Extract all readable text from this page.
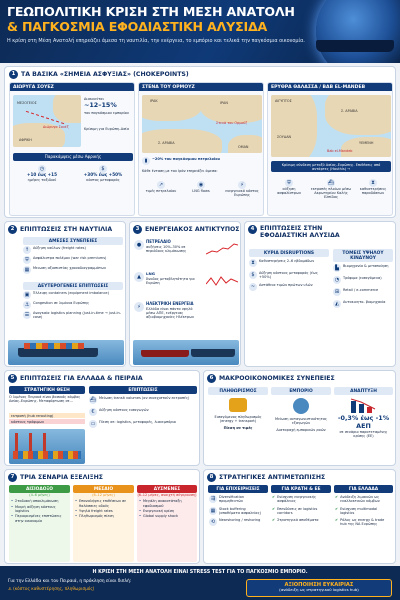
ΓΕΩΠΟΛΙΤΙΚΗ ΚΡΙΣΗ ΣΤΗ ΜΕΣΗ ΑΝΑΤΟΛΗ
& ΠΑΓΚΟΣΜΙΑ ΕΦΟΔΙΑΣΤΙΚΗ ΑΛΥΣΙΔΑ
Η κρίση στη Μέση Ανατολή επηρεάζει άμεσα τη ναυτιλία, την ενέργεια, το εμπόριο και τελικά την παγκόσμια οικονομία.
1 ΤΑ ΒΑΣΙΚΑ «ΣΗΜΕΙΑ ΑΣΦΥΞΙΑΣ» (CHOKEPOINTS)
ΔΙΩΡΥΓΑ ΣΟΥΕΖ
ΜΕΣΟΓΕΙΟΣ
Διώρυγα Σουέζ
ΑΦΡΙΚΗ
Διακινείται
~12–15%
του παγκόσμιου εμπορίου
Κρίσιμη για Ευρώπη–Ασία
Παρακάμψεις μέσω Αφρικής
◷
+10 έως +15
ημέρες ταξιδιού
$
+30% έως +50%
κόστος μεταφοράς
ΣΤΕΝΑ ΤΟΥ ΟΡΜΟΥΖ
ΙΡΑΚ	ΙΡΑΝ
Στενά του Ορμούζ
Σ. ΑΡΑΒΙΑ
ΟΜΑΝ
▮	~20% του παγκόσμιου πετρελαίου
Κάθε ένταση με τον Ιράν επηρεάζει άμεσα:
↗
τιμές πετρελαίου
◉
LNG flows
⚡
ενεργειακό κόστος Ευρώπης
ΕΡΥΘΡΑ ΘΑΛΑΣΣΑ / BAB EL-MANDEB
ΑΙΓΥΠΤΟΣ
Σ. ΑΡΑΒΙΑ
ΣΟΥΔΑΝ
ΥΕΜΕΝΗ
Bab el-Mandeb
Κρίσιμη σύνδεση μεταξύ Ασίας–Ευρώπης. Επιθέσεις από αντάρτες (Houthis) →
⛨
αύξηση ασφαλίστρων
⛴
εκτροπές πλοίων μέσω Ακρωτηρίου Καλής Ελπίδας
⧗
καθυστερήσεις παραδόσεων
2 ΕΠΙΠΤΩΣΕΙΣ ΣΤΗ ΝΑΥΤΙΛΙΑ
ΑΜΕΣΕΣ ΣΥΝΕΠΕΙΕΣ
↑	Αύξηση ναύλων (freight rates)
⛨	Ασφάλιστρα πολέμου (war risk premiums)
▦	Μειωση αξιοπιστίας χρονοδιαγραμμάτων
ΔΕΥΤΕΡΟΓΕΝΕΙΣ ΕΠΙΠΤΩΣΕΙΣ
▣	Έλλειψη containers (equipment imbalance)
⚓	Congestion σε λιμάνια Ευρώπης
☰	Αναγκαία logistics planning (just-in-time → just-in-case)
3 ΕΝΕΡΓΕΙΑΚΟΣ ΑΝΤΙΚΤΥΠΟΣ
●
ΠΕΤΡΕΛΑΙΟ
αυξήσεις 10%–30% σε περιόδους κλιμάκωσης
▲
LNG
Άνοδος μεταβλητότητα για Ευρώπη
⚡
ΗΛΕΚΤΡΙΚΗ ΕΝΕΡΓΕΙΑ
Ελλάδα είναι πάντα υψηλό μέσω ΑΠΕ, ενέργειας αξιοβιομηχανίες Ηλέκτρων
4 ΕΠΙΠΤΩΣΕΙΣ ΣΤΗΝ ΕΦΟΔΙΑΣΤΙΚΗ ΑΛΥΣΙΔΑ
ΚΥΡΙΑ DISRUPTIONS
⧗	Καθυστερήσεις 2–6 εβδομάδων
$	Αύξηση κόστους μεταφοράς (έως +50%)
~	Αστάθεια τιμών πρώτων υλών
ΤΟΜΕΙΣ ΥΨΗΛΟΥ ΚΙΝΔΥΝΟΥ
▙	Βιομηχανία & μεταποίηση
◔	Τρόφιμα (εισαγόμενα)
⊞	Retail / e-commerce
◭	Αυτοκινητο- βιομηχανία
5 ΕΠΙΠΤΩΣΕΙΣ ΓΙΑ ΕΛΛΑΔΑ & ΠΕΙΡΑΙΑ
ΣΤΡΑΤΗΓΙΚΗ ΘΕΣΗ
Ο λιμένας Πειραιά είναι βασικός κόμβος Ασίας–Ευρώπης. Μεταφόρτωση σε...
εκτροπή (hub rerouting)
κόστους τρόφιμων
ΕΠΙΠΤΩΣΕΙΣ
⛴ Μείωση transit volumes (αν συνεχιστούν εκτροπές)
€	Αύξηση κόστους εισαγωγών
▭	Πίεση σε: logistics, μεταφορές, λιανεμπόριο
6 ΜΑΚΡΟΟΙΚΟΝΟΜΙΚΕΣ ΣΥΝΕΠΕΙΕΣ
ΠΛΗΘΩΡΙΣΜΟΣ
Εισαγόμενος πληθωρισμός (energy + transport)
Πίεση σε τιμές
ΕΜΠΟΡΙΟ
Μείωση ανταγωνιστικότητας εξαγωγών
Διαταραχή εμπορικών ροών
ΑΝΑΠΤΥΞΗ
-0,3% έως -1% ΑΕΠ
σε σενάριο παρατεταμένης κρίσης (ΕΕ)
7 ΤΡΙΑ ΣΕΝΑΡΙΑ ΕΞΕΛΙΞΗΣ
ΑΙΣΙΟΔΟΞΟ
(4–6 μήνες)
• Σταδιακή αποκλιμάκωση
• Μικρή αύξηση κόστους logistics
• Περιορισμένες επιπτώσεις στην οικονομία
ΜΕΣΑΙΟ
(6–12 μήνες)
• Επαναλήψεις επιθέσεων σε θαλάσσιες οδούς
• Υψηλά freight rates
• Πληθωρισμός πίεση
ΔΥΣΜΕΝΕΣ
(6–12 μήνες, ανοιχτή σύγκρουση)
• Μεγάλη ανακατάταξη εφοδιασμού
• Ενεργειακή κρίση
• Global supply shock
8 ΣΤΡΑΤΗΓΙΚΕΣ ΑΝΤΙΜΕΤΩΠΙΣΗΣ
ΓΙΑ ΕΠΙΧΕΙΡΗΣΕΙΣ
⇶	Diversification προμηθευτών
▦	Stock buffering (αποθέματα ασφαλείας)
⟲	Nearshoring / reshoring
ΓΙΑ ΚΡΑΤΗ & ΕΕ
✔ Ενίσχυση ενεργειακής ασφάλειας
✔ Επενδύσεις σε logistics corridors
✔ Στρατηγικά αποθέματα
ΓΙΑ ΕΛΛΑΔΑ
✔ Ανάδειξη λιμανιών ως εναλλακτικών κόμβων
✔ Ενίσχυση multimodal logistics
✔ Ρόλος ως energy & trade hub της ΝΑ Ευρώπης
Η ΚΡΙΣΗ ΣΤΗ ΜΕΣΗ ΑΝΑΤΟΛΗ ΕΙΝΑΙ STRESS TEST ΓΙΑ ΤΟ ΠΑΓΚΟΣΜΙΟ ΕΜΠΟΡΙΟ.
Για την Ελλάδα και τον Πειραιά, η πρόκληση είναι διπλή:
⚓ (κόστος καθυστέρησης, πληθωρισμός)
ΑΞΙΟΠΟΙΗΣΗ ΕΥΚΑΙΡΙΑΣ
(ανάδειξη ως στρατηγικού logistics hub)
